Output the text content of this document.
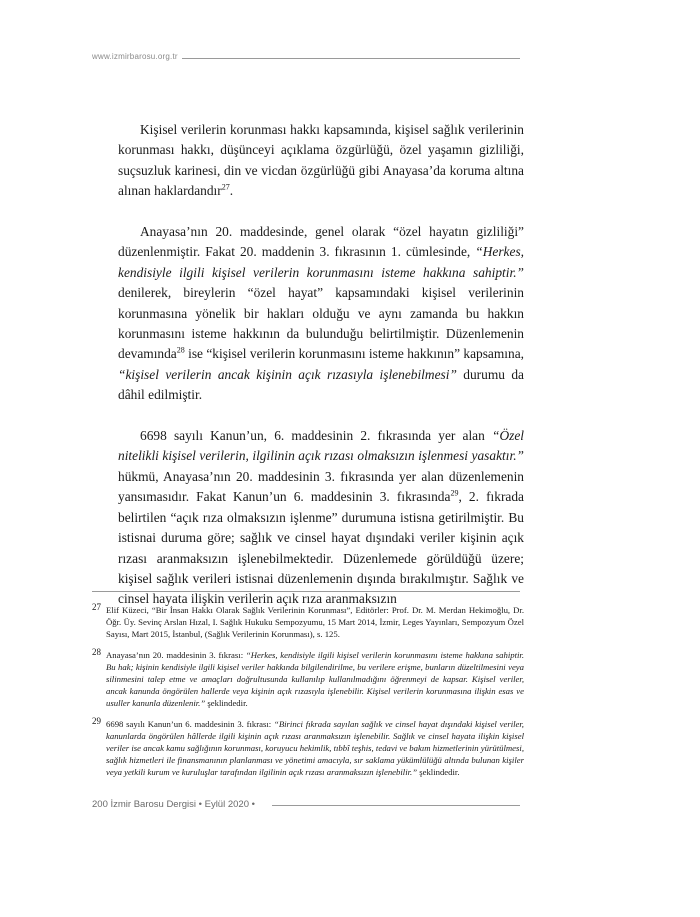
www.izmirbarosu.org.tr

Kişisel verilerin korunması hakkı kapsamında, kişisel sağlık verilerinin korunması hakkı, düşünceyi açıklama özgürlüğü, özel yaşamın gizliliği, suçsuzluk karinesi, din ve vicdan özgürlüğü gibi Anayasa’da koruma altına alınan haklardandır$^{27}$.

Anayasa’nın 20. maddesinde, genel olarak “özel hayatın gizliliği” düzenlenmiştir. Fakat 20. maddenin 3. fıkrasının 1. cümlesinde, “Herkes, kendisiyle ilgili kişisel verilerin korunmasını isteme hakkına sahiptir.” denilerek, bireylerin “özel hayat” kapsamındaki kişisel verilerinin korunmasına yönelik bir hakları olduğu ve aynı zamanda bu hakkın korunmasını isteme hakkının da bulunduğu belirtilmiştir. Düzenlemenin devamında$^{28}$ ise “kişisel verilerin korunmasını isteme hakkının” kapsamına, “kişisel verilerin ancak kişinin açık rızasıyla işlenebilmesi” durumu da dâhil edilmiştir.

6698 sayılı Kanun’un, 6. maddesinin 2. fıkrasında yer alan “Özel nitelikli kişisel verilerin, ilgilinin açık rızası olmaksızın işlenmesi yasaktır.” hükmü, Anayasa’nın 20. maddesinin 3. fıkrasında yer alan düzenlemenin yansımasıdır. Fakat Kanun’un 6. maddesinin 3. fıkrasında$^{29}$, 2. fıkrada belirtilen “açık rıza olmaksızın işlenme” durumuna istisna getirilmiştir. Bu istisnai duruma göre; sağlık ve cinsel hayat dışındaki veriler kişinin açık rızası aranmaksızın işlenebilmektedir. Düzenlemede görüldüğü üzere; kişisel sağlık verileri istisnai düzenlemenin dışında bırakılmıştır. Sağlık ve cinsel hayata ilişkin verilerin açık rıza aranmaksızın

27 Elif Küzeci, “Bir İnsan Hakkı Olarak Sağlık Verilerinin Korunması”, Editörler: Prof. Dr. M. Merdan Hekimoğlu, Dr. Öğr. Üy. Sevinç Arslan Hızal, I. Sağlık Hukuku Sempozyumu, 15 Mart 2014, İzmir, Leges Yayınları, Sempozyum Özel Sayısı, Mart 2015, İstanbul, (Sağlık Verilerinin Korunması), s. 125.
28 Anayasa’nın 20. maddesinin 3. fıkrası: “Herkes, kendisiyle ilgili kişisel verilerin korunmasını isteme hakkına sahiptir. Bu hak; kişinin kendisiyle ilgili kişisel veriler hakkında bilgilendirilme, bu verilere erişme, bunların düzeltilmesini veya silinmesini talep etme ve amaçları doğrultusunda kullanılıp kullanılmadığını öğrenmeyi de kapsar. Kişisel veriler, ancak kanunda öngörülen hallerde veya kişinin açık rızasıyla işlenebilir. Kişisel verilerin korunmasına ilişkin esas ve usuller kanunla düzenlenir.” şeklindedir.
29 6698 sayılı Kanun’un 6. maddesinin 3. fıkrası: “Birinci fıkrada sayılan sağlık ve cinsel hayat dışındaki kişisel veriler, kanunlarda öngörülen hâllerde ilgili kişinin açık rızası aranmaksızın işlenebilir. Sağlık ve cinsel hayata ilişkin kişisel veriler ise ancak kamu sağlığının korunması, koruyucu hekimlik, tıbbî teşhis, tedavi ve bakım hizmetlerinin yürütülmesi, sağlık hizmetleri ile finansmanının planlanması ve yönetimi amacıyla, sır saklama yükümlülüğü altında bulunan kişiler veya yetkili kurum ve kuruluşlar tarafından ilgilinin açık rızası aranmaksızın işlenebilir.” şeklindedir.
200 İzmir Barosu Dergisi • Eylül 2020 •
